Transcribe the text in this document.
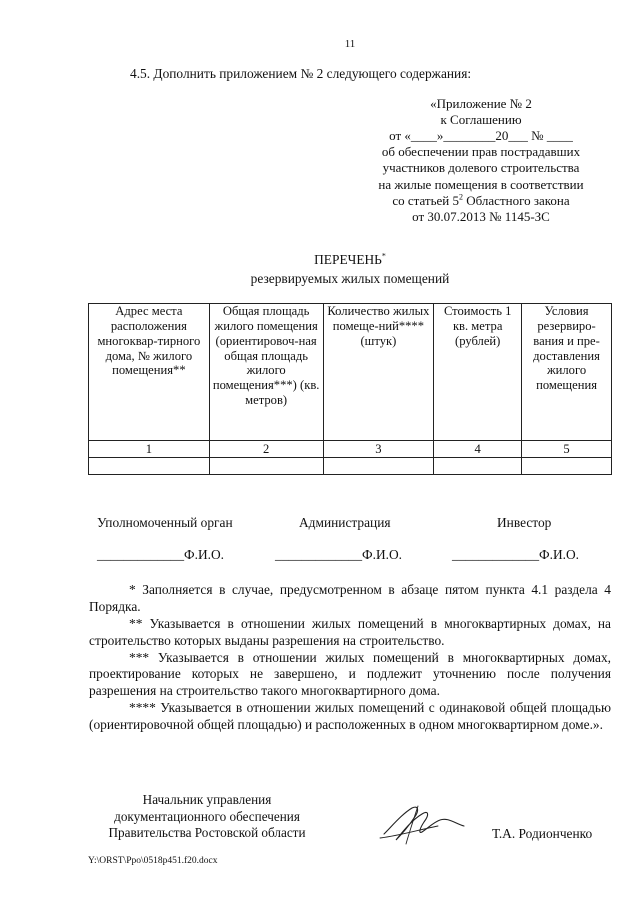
11
4.5. Дополнить приложением № 2 следующего содержания:
«Приложение № 2
к Соглашению
от «____»________20___ № ____
об обеспечении прав пострадавших
участников долевого строительства
на жилые помещения в соответствии
со статьей $5^2$ Областного закона
от 30.07.2013 № 1145-ЗС
ПЕРЕЧЕНЬ*
резервируемых жилых помещений
Адрес места расположения многоквар-тирного дома, № жилого помещения**	Общая площадь жилого помещения (ориентировоч-ная общая площадь жилого помещения***) (кв. метров)	Количество жилых помеще-ний**** (штук)	Стоимость 1 кв. метра (рублей)	Условия резервиро-вания и пре-доставления жилого помещения
1	2	3	4	5

Уполномоченный орган	Администрация	Инвестор
_____________Ф.И.О.	_____________Ф.И.О.	_____________Ф.И.О.

* Заполняется в случае, предусмотренном в абзаце пятом пункта 4.1 раздела 4 Порядка.

** Указывается в отношении жилых помещений в многоквартирных домах, на строительство которых выданы разрешения на строительство.

*** Указывается в отношении жилых помещений в многоквартирных домах, проектирование которых не завершено, и подлежит уточнению после получения разрешения на строительство такого многоквартирного дома.

**** Указывается в отношении жилых помещений с одинаковой общей площадью (ориентировочной общей площадью) и расположенных в одном многоквартирном доме.».

Начальник управления
документационного обеспечения
Правительства Ростовской области	Т.А. Родионченко
Y:\ORST\Ppo\0518p451.f20.docx
